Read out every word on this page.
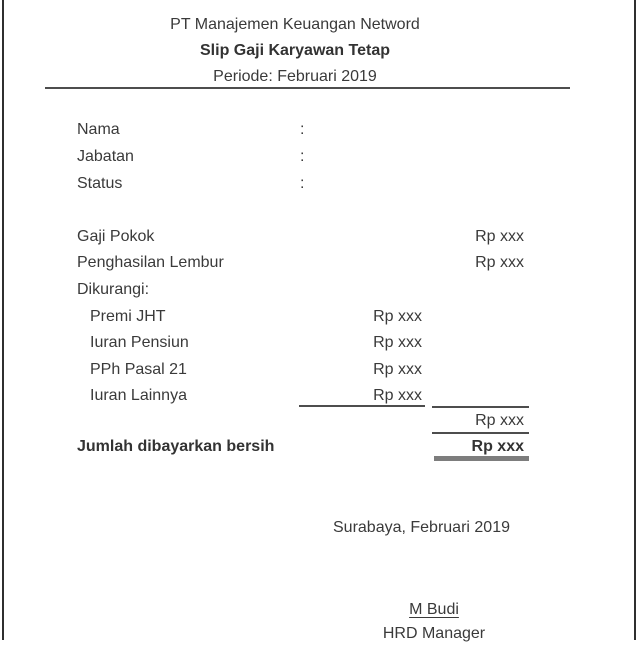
PT Manajemen Keuangan Netword
Slip Gaji Karyawan Tetap
Periode: Februari 2019
Nama	:
Jabatan	:
Status	:
Gaji Pokok	Rp xxx
Penghasilan Lembur	Rp xxx
Dikurangi:
Premi JHT	Rp xxx
Iuran Pensiun	Rp xxx
PPh Pasal 21	Rp xxx
Iuran Lainnya	Rp xxx
Rp xxx
Jumlah dibayarkan bersih	Rp xxx
Surabaya, Februari 2019
M Budi
HRD Manager
